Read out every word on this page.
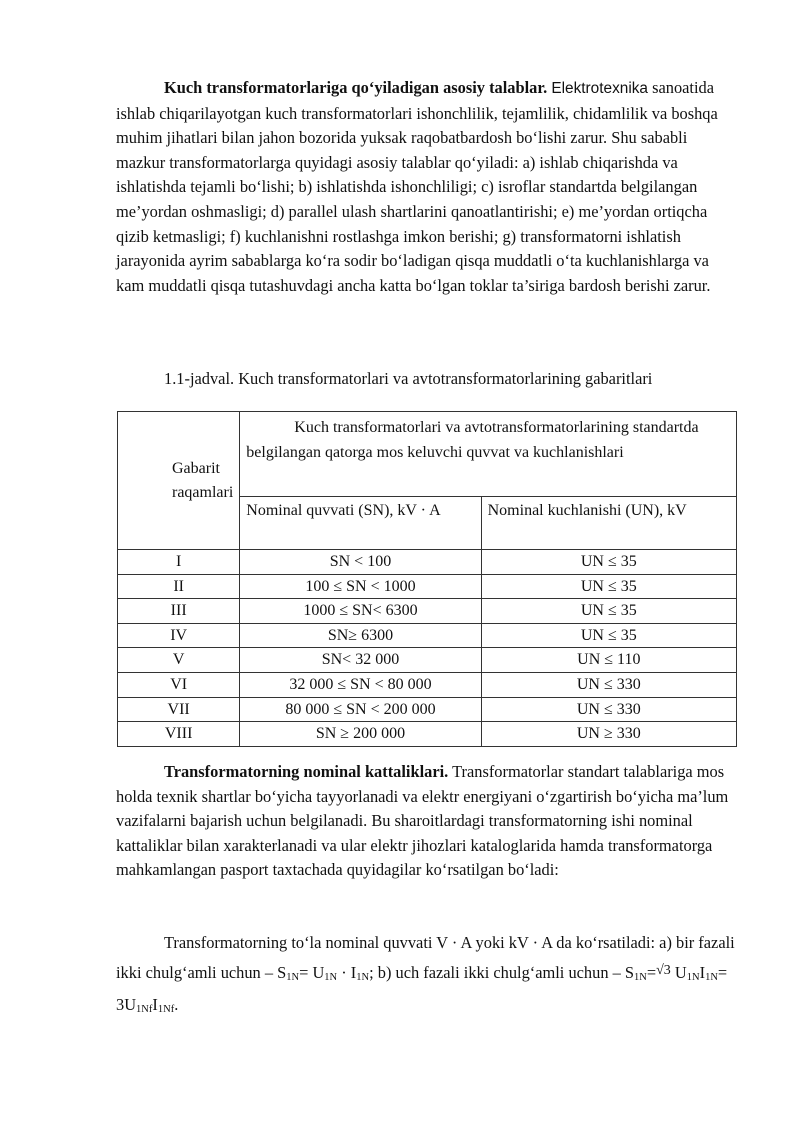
Kuch transformatorlariga qo‘yiladigan asosiy talablar. Elektrotexnika sanoatida ishlab chiqarilayotgan kuch transformatorlari ishonchlilik, tejamlilik, chidamlilik va boshqa muhim jihatlari bilan jahon bozorida yuksak raqobatbardosh bo‘lishi zarur. Shu sababli mazkur transformatorlarga quyidagi asosiy talablar qo‘yiladi: a) ishlab chiqarishda va ishlatishda tejamli bo‘lishi; b) ishlatishda ishonchliligi; c) isroflar standartda belgilangan me’yordan oshmasligi; d) parallel ulash shartlarini qanoatlantirishi; e) me’yordan ortiqcha qizib ketmasligi; f) kuchlanishni rostlashga imkon berishi; g) transformatorni ishlatish jarayonida ayrim sabablarga ko‘ra sodir bo‘ladigan qisqa muddatli o‘ta kuchlanishlarga va kam muddatli qisqa tutashuvdagi ancha katta bo‘lgan toklar ta’siriga bardosh berishi zarur.

1.1-jadval. Kuch transformatorlari va avtotransformatorlarining gabaritlari
Gabarit raqamlari	Kuch transformatorlari va avtotransformatorlarining standartda belgilangan qatorga mos keluvchi quvvat va kuchlanishlari	

	Nominal quvvati (SN), kV · A	Nominal kuchlanishi (UN), kV
I	SN < 100	UN ≤ 35
II	100 ≤ SN < 1000	UN ≤ 35
III	1000 ≤ SN< 6300	UN ≤ 35
IV	SN≥ 6300	UN ≤ 35
V	SN< 32 000	UN ≤ 110
VI	32 000 ≤ SN < 80 000	UN ≤ 330
VII	80 000 ≤ SN < 200 000	UN ≤ 330
VIII	SN ≥ 200 000	UN ≥ 330

Transformatorning nominal kattaliklari. Transformatorlar standart talablariga mos holda texnik shartlar bo‘yicha tayyorlanadi va elektr energiyani o‘zgartirish bo‘yicha ma’lum vazifalarni bajarish uchun belgilanadi. Bu sharoitlardagi transformatorning ishi nominal kattaliklar bilan xarakterlanadi va ular elektr jihozlari kataloglarida hamda transformatorga mahkamlangan pasport taxtachada quyidagilar ko‘rsatilgan bo‘ladi:

Transformatorning to‘la nominal quvvati V · A yoki kV · A da ko‘rsatiladi: a) bir fazali ikki chulg‘amli uchun – S1N= U1N · I1N; b) uch fazali ikki chulg‘amli uchun – S1N=√3 U1NI1N= 3U1NfI1Nf.
